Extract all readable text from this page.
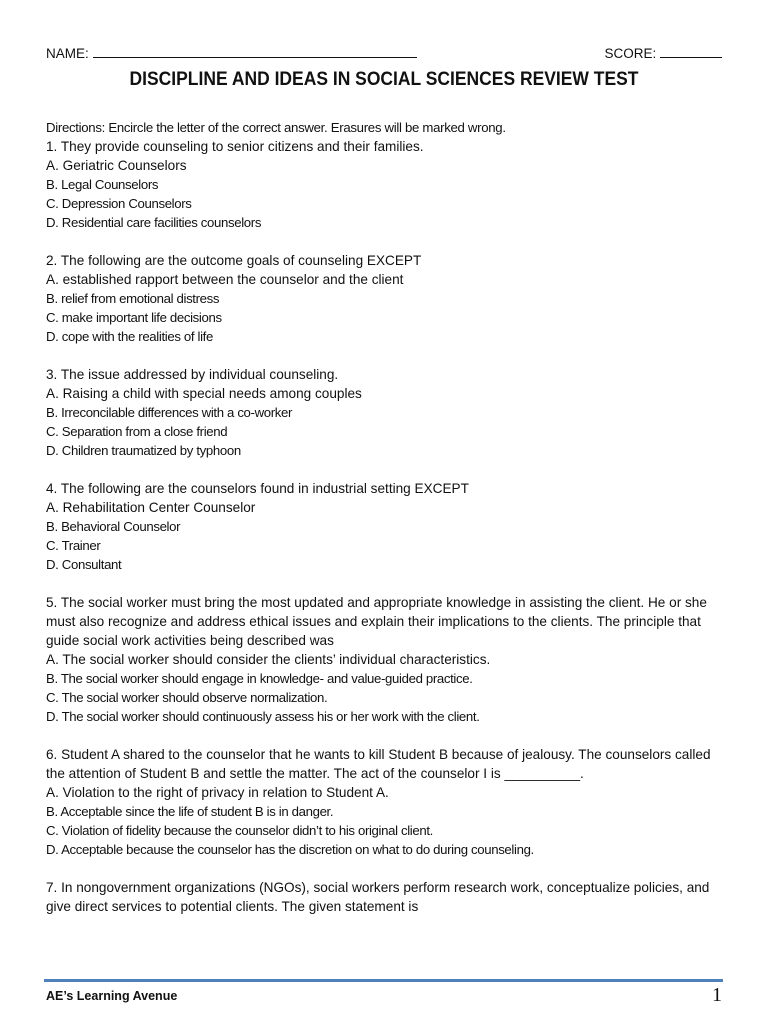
NAME:	SCORE:
DISCIPLINE AND IDEAS IN SOCIAL SCIENCES REVIEW TEST
Directions: Encircle the letter of the correct answer. Erasures will be marked wrong.
1. They provide counseling to senior citizens and their families.
A. Geriatric Counselors
B. Legal Counselors
C. Depression Counselors
D. Residential care facilities counselors
2. The following are the outcome goals of counseling EXCEPT
A. established rapport between the counselor and the client
B. relief from emotional distress
C. make important life decisions
D. cope with the realities of life
3. The issue addressed by individual counseling.
A. Raising a child with special needs among couples
B. Irreconcilable differences with a co-worker
C. Separation from a close friend
D. Children traumatized by typhoon
4. The following are the counselors found in industrial setting EXCEPT
A. Rehabilitation Center Counselor
B. Behavioral Counselor
C. Trainer
D. Consultant
5. The social worker must bring the most updated and appropriate knowledge in assisting the client. He or she must also recognize and address ethical issues and explain their implications to the clients. The principle that guide social work activities being described was
A. The social worker should consider the clients’ individual characteristics.
B. The social worker should engage in knowledge- and value-guided practice.
C. The social worker should observe normalization.
D. The social worker should continuously assess his or her work with the client.
6. Student A shared to the counselor that he wants to kill Student B because of jealousy. The counselors called the attention of Student B and settle the matter. The act of the counselor I is __________.
A. Violation to the right of privacy in relation to Student A.
B. Acceptable since the life of student B is in danger.
C. Violation of fidelity because the counselor didn’t to his original client.
D. Acceptable because the counselor has the discretion on what to do during counseling.
7. In nongovernment organizations (NGOs), social workers perform research work, conceptualize policies, and give direct services to potential clients. The given statement is
AE’s Learning Avenue	1
